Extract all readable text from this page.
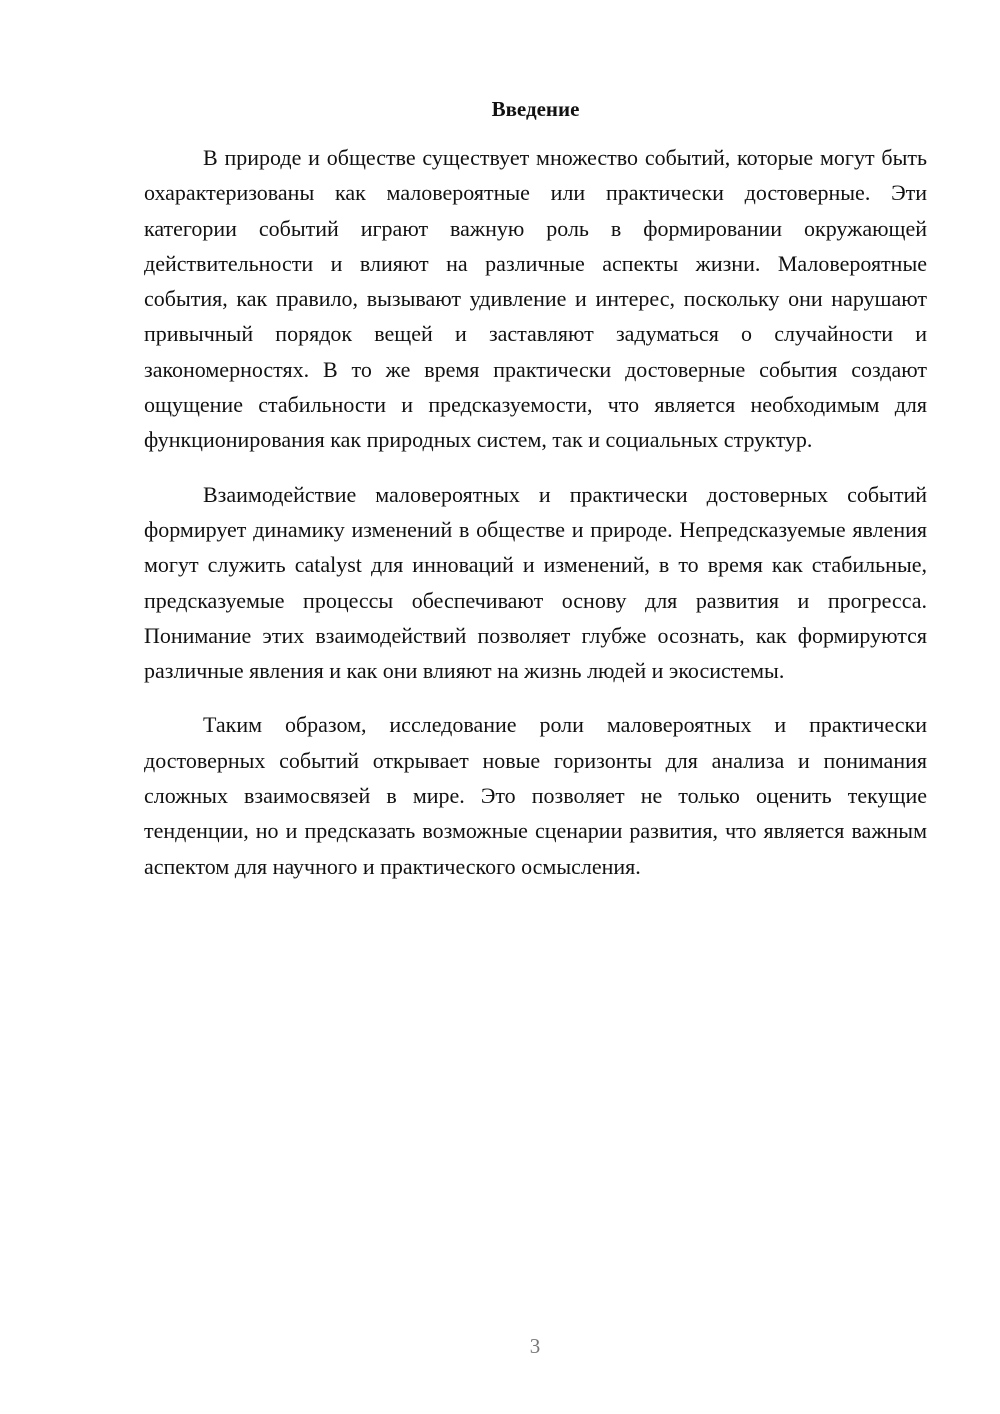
Введение

В природе и обществе существует множество событий, которые могут быть охарактеризованы как маловероятные или практически достоверные. Эти категории событий играют важную роль в формировании окружающей действительности и влияют на различные аспекты жизни. Маловероятные события, как правило, вызывают удивление и интерес, поскольку они нарушают привычный порядок вещей и заставляют задуматься о случайности и закономерностях. В то же время практически достоверные события создают ощущение стабильности и предсказуемости, что является необходимым для функционирования как природных систем, так и социальных структур.

Взаимодействие маловероятных и практически достоверных событий формирует динамику изменений в обществе и природе. Непредсказуемые явления могут служить catalyst для инноваций и изменений, в то время как стабильные, предсказуемые процессы обеспечивают основу для развития и прогресса. Понимание этих взаимодействий позволяет глубже осознать, как формируются различные явления и как они влияют на жизнь людей и экосистемы.

Таким образом, исследование роли маловероятных и практически достоверных событий открывает новые горизонты для анализа и понимания сложных взаимосвязей в мире. Это позволяет не только оценить текущие тенденции, но и предсказать возможные сценарии развития, что является важным аспектом для научного и практического осмысления.

3
